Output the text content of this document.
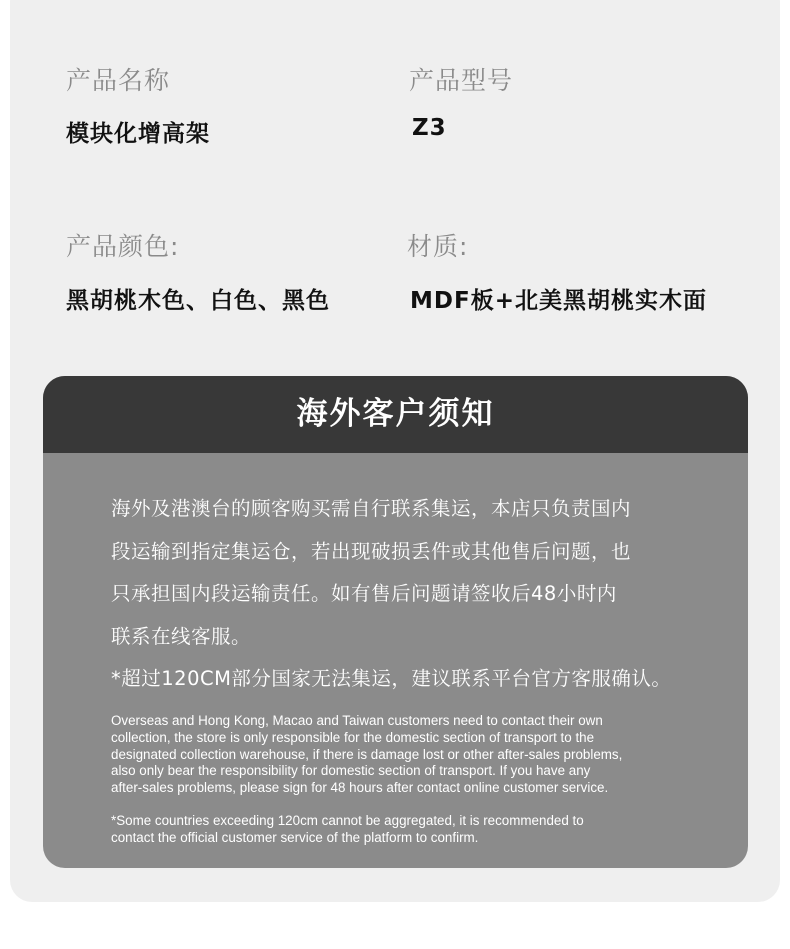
产品名称
模块化增高架
产品型号
Z3
产品颜色:
黑胡桃木色、白色、黑色
材质:
MDF板+北美黑胡桃实木面
海外客户须知

海外及港澳台的顾客购买需自行联系集运，本店只负责国内

段运输到指定集运仓，若出现破损丢件或其他售后问题，也

只承担国内段运输责任。如有售后问题请签收后48小时内

联系在线客服。

*超过120CM部分国家无法集运，建议联系平台官方客服确认。

Overseas and Hong Kong, Macao and Taiwan customers need to contact their own

collection, the store is only responsible for the domestic section of transport to the

designated collection warehouse, if there is damage lost or other after-sales problems,

also only bear the responsibility for domestic section of transport. If you have any

after-sales problems, please sign for 48 hours after contact online customer service.

*Some countries exceeding 120cm cannot be aggregated, it is recommended to

contact the official customer service of the platform to confirm.
